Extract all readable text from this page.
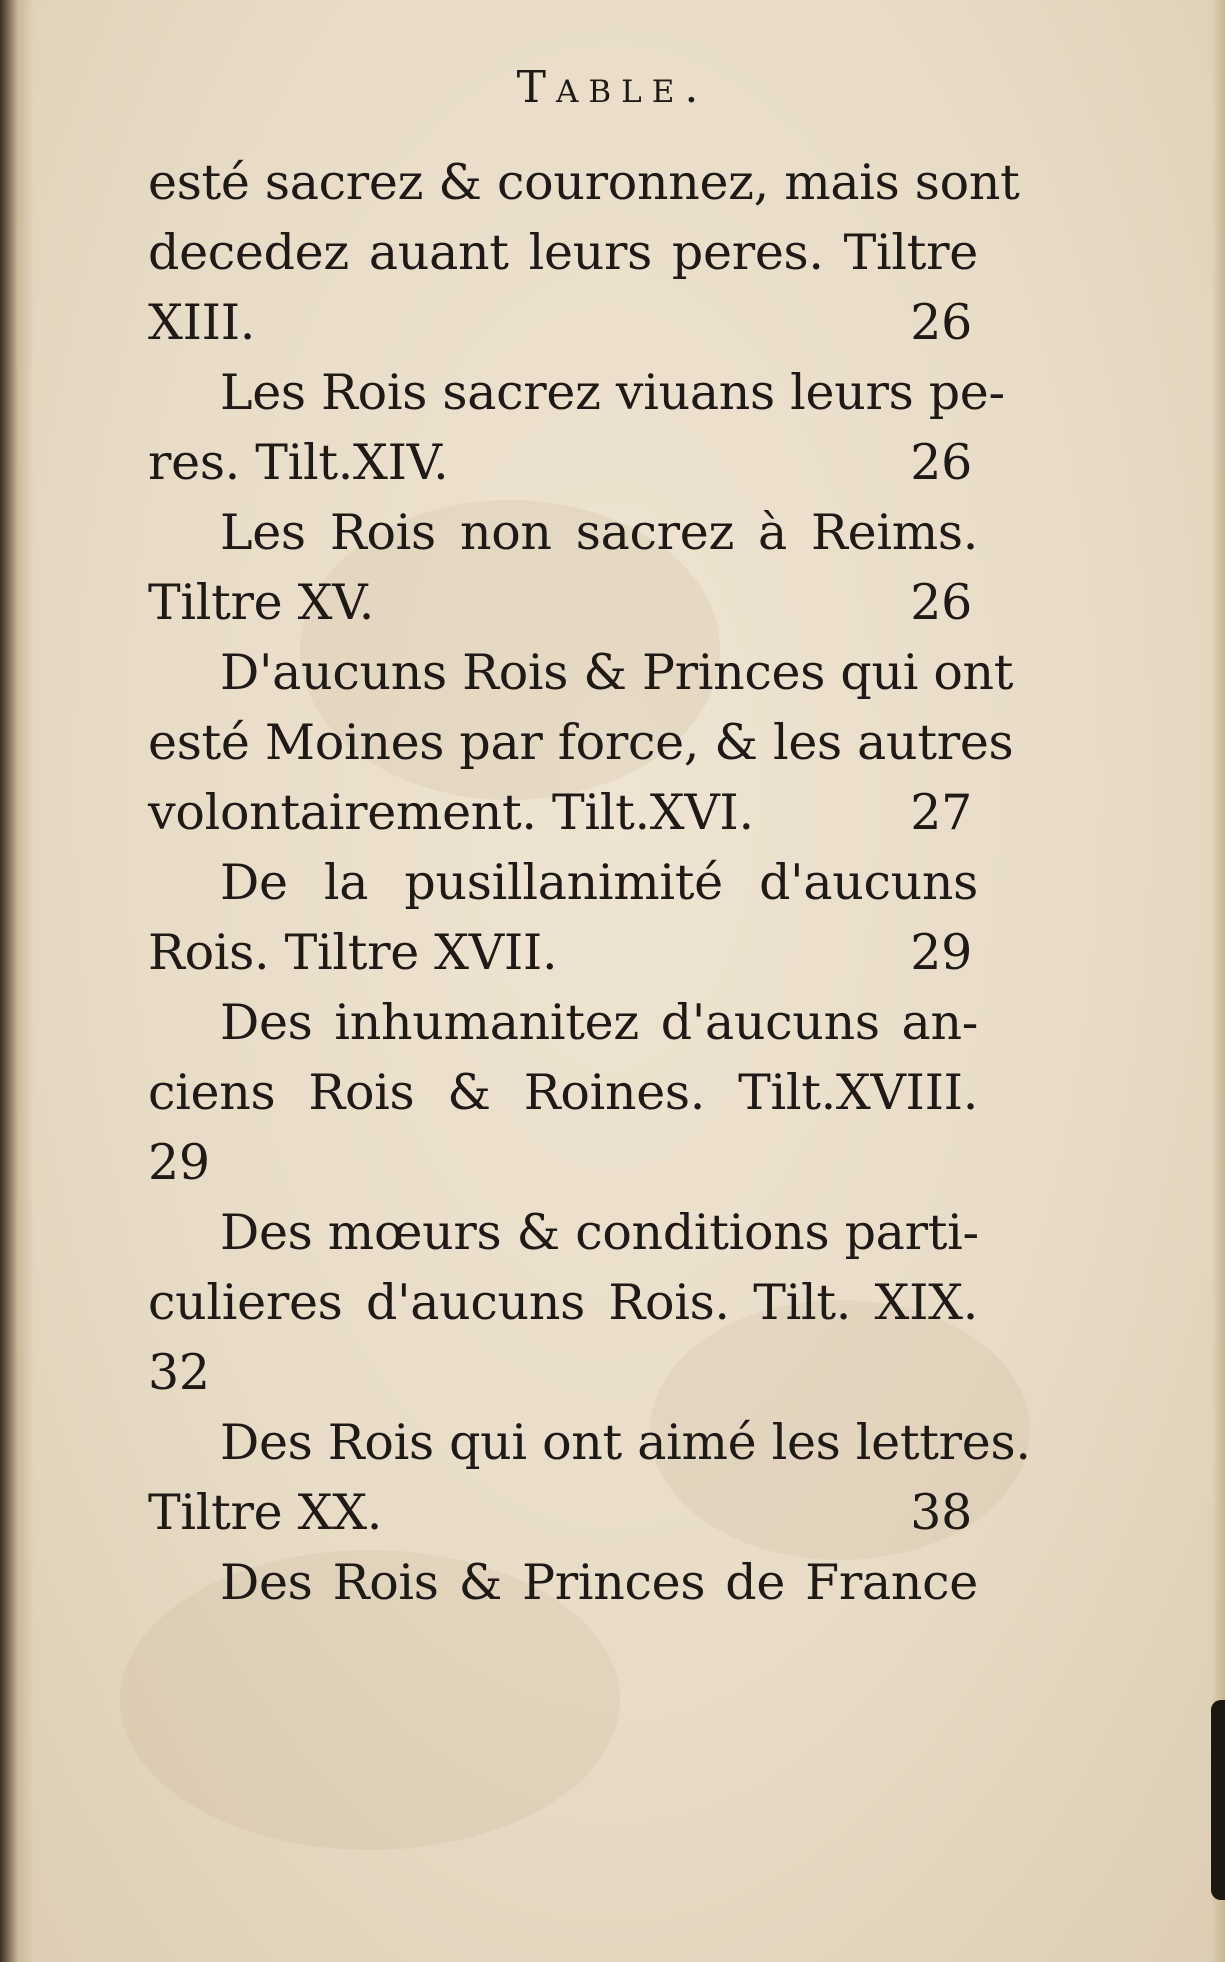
Table.
esté sacrez & couronnez, mais sont
decedez auant leurs peres. Tiltre
XIII.	26
Les Rois sacrez viuans leurs pe-
res. Tilt.XIV.	26
Les Rois non sacrez à Reims.
Tiltre XV.	26
D'aucuns Rois & Princes qui ont
esté Moines par force, & les autres
volontairement. Tilt.XVI.	27
De la pusillanimité d'aucuns
Rois. Tiltre XVII.	29
Des inhumanitez d'aucuns an-
ciens Rois & Roines. Tilt.XVIII.
29
Des mœurs & conditions parti-
culieres d'aucuns Rois. Tilt. XIX.
32
Des Rois qui ont aimé les lettres.
Tiltre XX.	38
Des Rois & Princes de France
